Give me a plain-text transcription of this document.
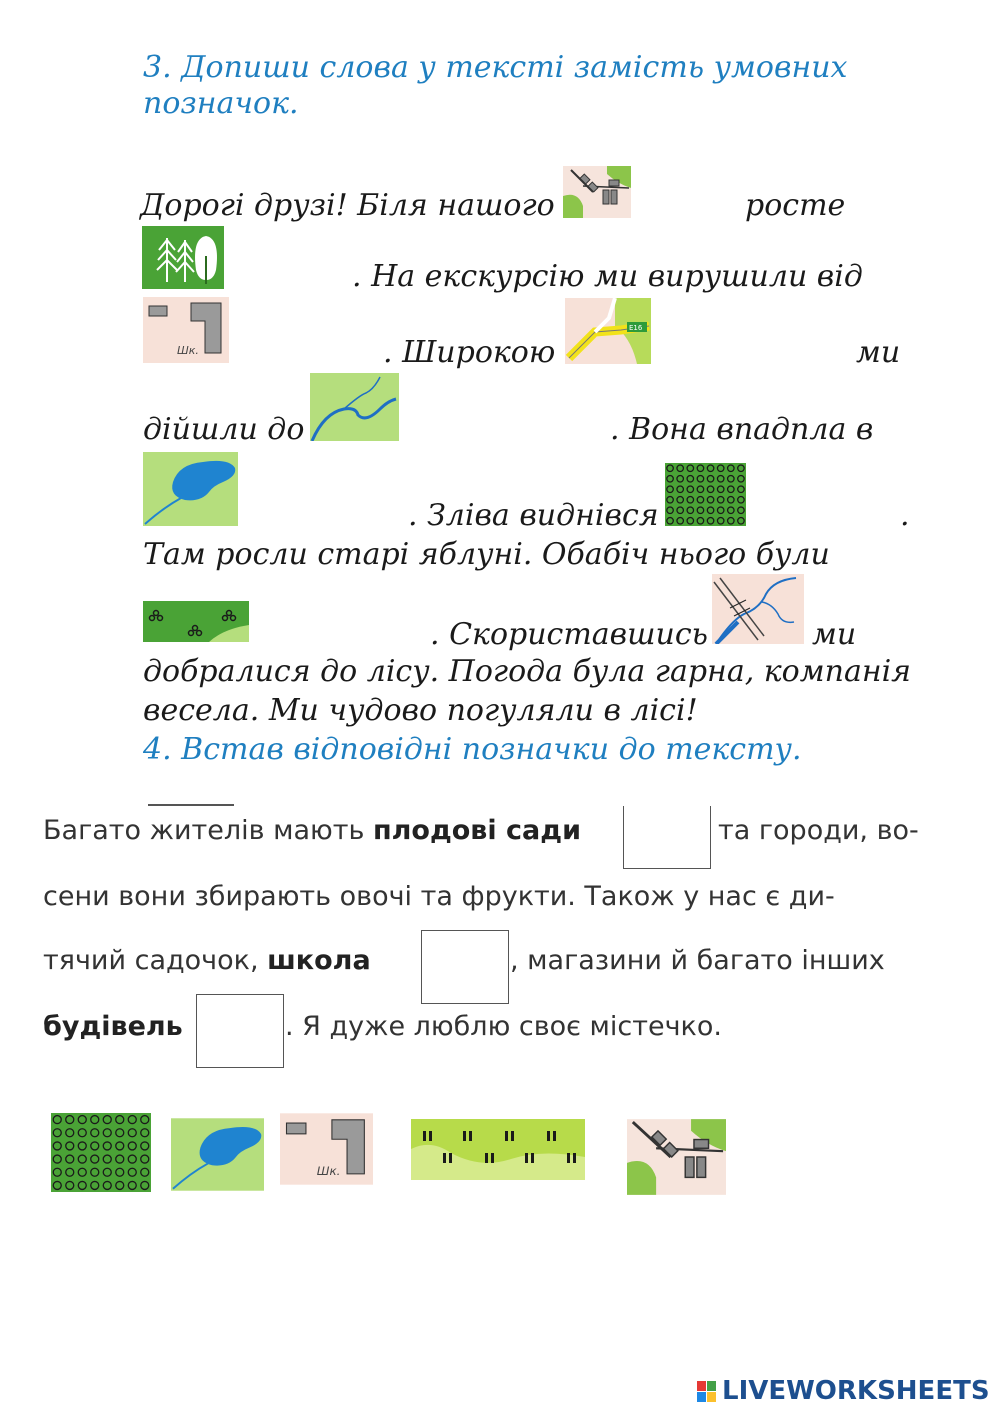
3. Допиши слова у тексті замість умовних
позначок.
Дорогі друзі! Біля нашого	росте
. На екскурсію ми вирушили від
Шк.	. Широкою
Е16
ми
дійшли до	. Вона впадпла в
. Зліва виднівся	.
Там росли старі яблуні. Обабіч нього були
. Скориставшись	ми
добралися до лісу. Погода була гарна, компанія
весела. Ми чудово погуляли в лісі!
4. Встав відповідні позначки до тексту.
Багато жителів мають плодові сади	та городи, во-
сени вони збирають овочі та фрукти. Також у нас є ди-
тячий садочок, школа	, магазини й багато інших
будівель	. Я дуже люблю своє містечко.
Шк.
LIVEWORKSHEETS
